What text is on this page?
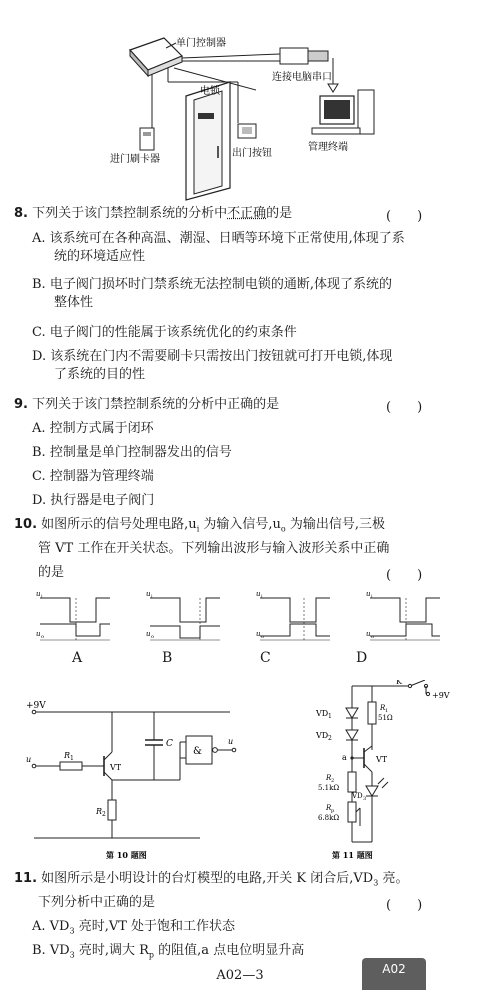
单门控制器
连接电脑串口
管理终端
电锁
进门刷卡器
出门按钮
8. 下列关于该门禁控制系统的分析中不正确的是	(　　)
A. 该系统可在各种高温、潮湿、日晒等环境下正常使用,体现了系
统的环境适应性
B. 电子阀门损坏时门禁系统无法控制电锁的通断,体现了系统的
整体性
C. 电子阀门的性能属于该系统优化的约束条件
D. 该系统在门内不需要刷卡只需按出门按钮就可打开电锁,体现
了系统的目的性
9. 下列关于该门禁控制系统的分析中正确的是	(　　)
A. 控制方式属于闭环
B. 控制量是单门控制器发出的信号
C. 控制器为管理终端
D. 执行器是电子阀门
10. 如图所示的信号处理电路$,u_i$ 为输入信号$,u_o$ 为输出信号,三极
管 VT 工作在开关状态。下列输出波形与输入波形关系中正确
的是	(　　)
u i
u o
u i
u o
u i
u o
u i
u o
A	B	C	D
+9V
C
u	R 1
VT
R 2
&
u
第 10 题图
K
+9V
VD 1
VD 2
a
R 1
51Ω
VT
VD 3
R 2
5.1kΩ
R p
6.8kΩ
第 11 题图
11. 如图所示是小明设计的台灯模型的电路,开关 K 闭合后$,VD_3$ 亮。
下列分析中正确的是	(　　)
A. $VD_3$ 亮时,VT 处于饱和工作状态
B. $VD_3$ 亮时,调大 $R_p$ 的阻值,a 点电位明显升高
A02—3	A02
